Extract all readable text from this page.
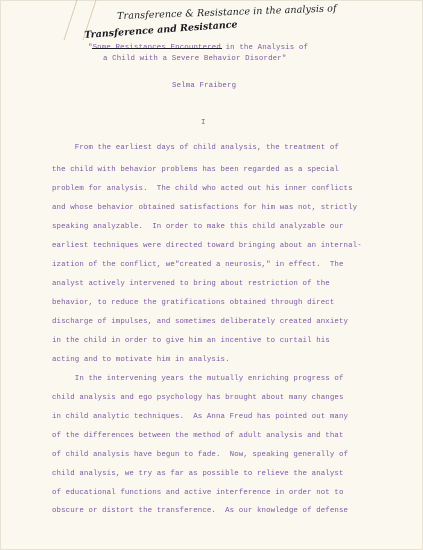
Transference & Resistance in the analysis of
Transference and Resistance
"Some Resistances Encountered in the Analysis of
a Child with a Severe Behavior Disorder"
Selma Fraiberg
I
From the earliest days of child analysis, the treatment of
the child with behavior problems has been regarded as a special
problem for analysis.  The child who acted out his inner conflicts
and whose behavior obtained satisfactions for him was not, strictly
speaking analyzable.  In order to make this child analyzable our
earliest techniques were directed toward bringing about an internal-
ization of the conflict, we"created a neurosis," in effect.  The
analyst actively intervened to bring about restriction of the
behavior, to reduce the gratifications obtained through direct
discharge of impulses, and sometimes deliberately created anxiety
in the child in order to give him an incentive to curtail his
acting and to motivate him in analysis.
In the intervening years the mutually enriching progress of
child analysis and ego psychology has brought about many changes
in child analytic techniques.  As Anna Freud has pointed out many
of the differences between the method of adult analysis and that
of child analysis have begun to fade.  Now, speaking generally of
child analysis, we try as far as possible to relieve the analyst
of educational functions and active interference in order not to
obscure or distort the transference.  As our knowledge of defense
